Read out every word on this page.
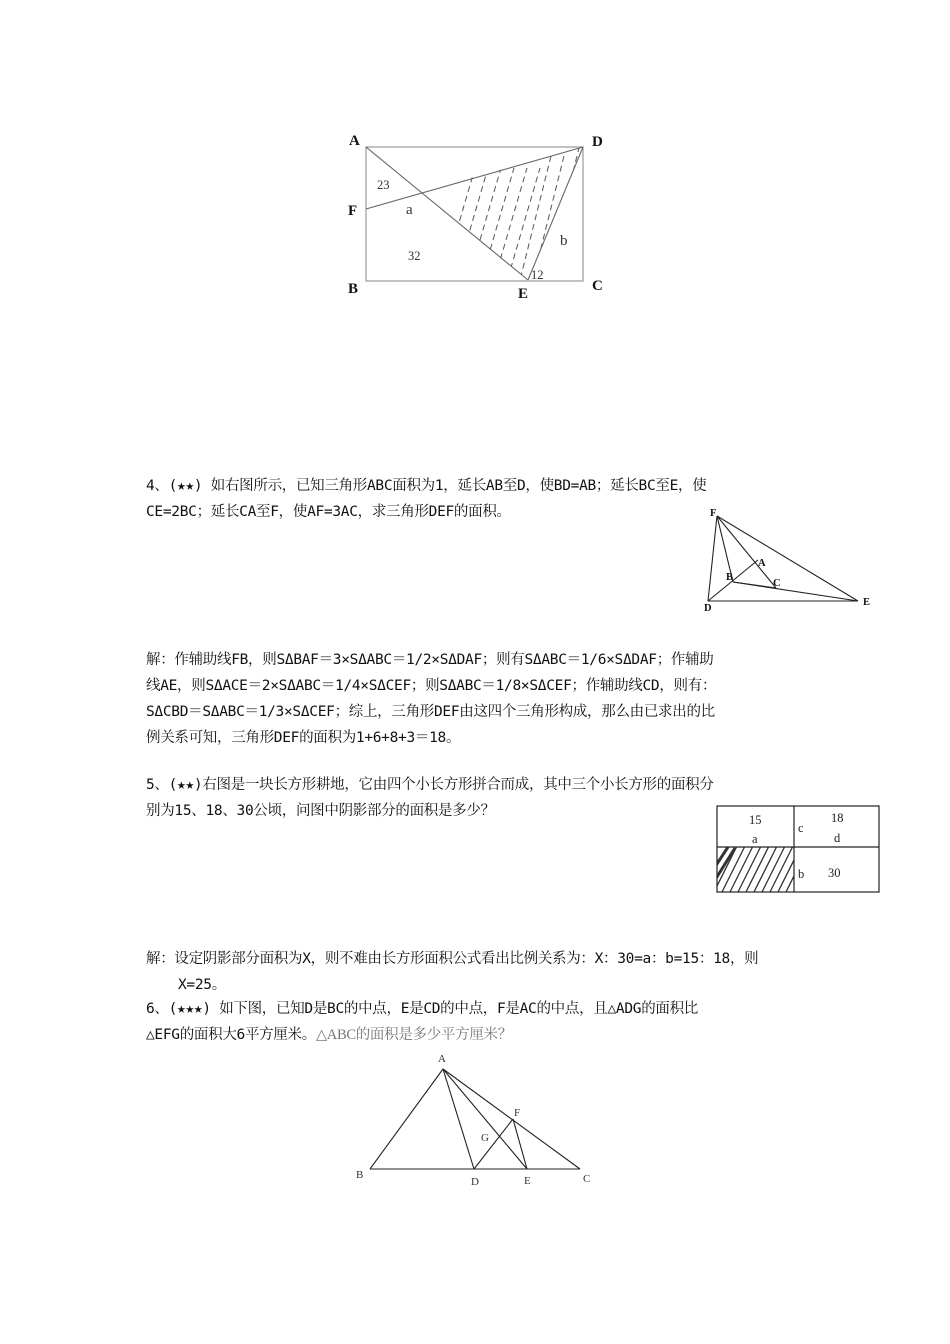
A	D
F
B	E	C
23
a
32
b
12

4、(★★) 如右图所示，已知三角形ABC面积为1，延长AB至D，使BD=AB；延长BC至E，使

CE=2BC；延长CA至F，使AF=3AC，求三角形DEF的面积。	F
A
B
C
D
E

解：作辅助线FB，则SΔBAF＝3×SΔABC＝1/2×SΔDAF；则有SΔABC＝1/6×SΔDAF；作辅助

线AE，则SΔACE＝2×SΔABC＝1/4×SΔCEF；则SΔABC＝1/8×SΔCEF；作辅助线CD，则有：

SΔCBD＝SΔABC＝1/3×SΔCEF；综上，三角形DEF由这四个三角形构成，那么由已求出的比

例关系可知，三角形DEF的面积为1+6+8+3＝18。

5、(★★)右图是一块长方形耕地，它由四个小长方形拼合而成，其中三个小长方形的面积分

别为15、18、30公顷，问图中阴影部分的面积是多少？

15
a
c
18
d
b 30

解：设定阴影部分面积为X，则不难由长方形面积公式看出比例关系为：X：30=a：b=15：18，则

X=25。

6、(★★★) 如下图，已知D是BC的中点，E是CD的中点，F是AC的中点，且△ADG的面积比

△EFG的面积大6平方厘米。△ABC的面积是多少平方厘米？

A
B	C
D	E
F
G
